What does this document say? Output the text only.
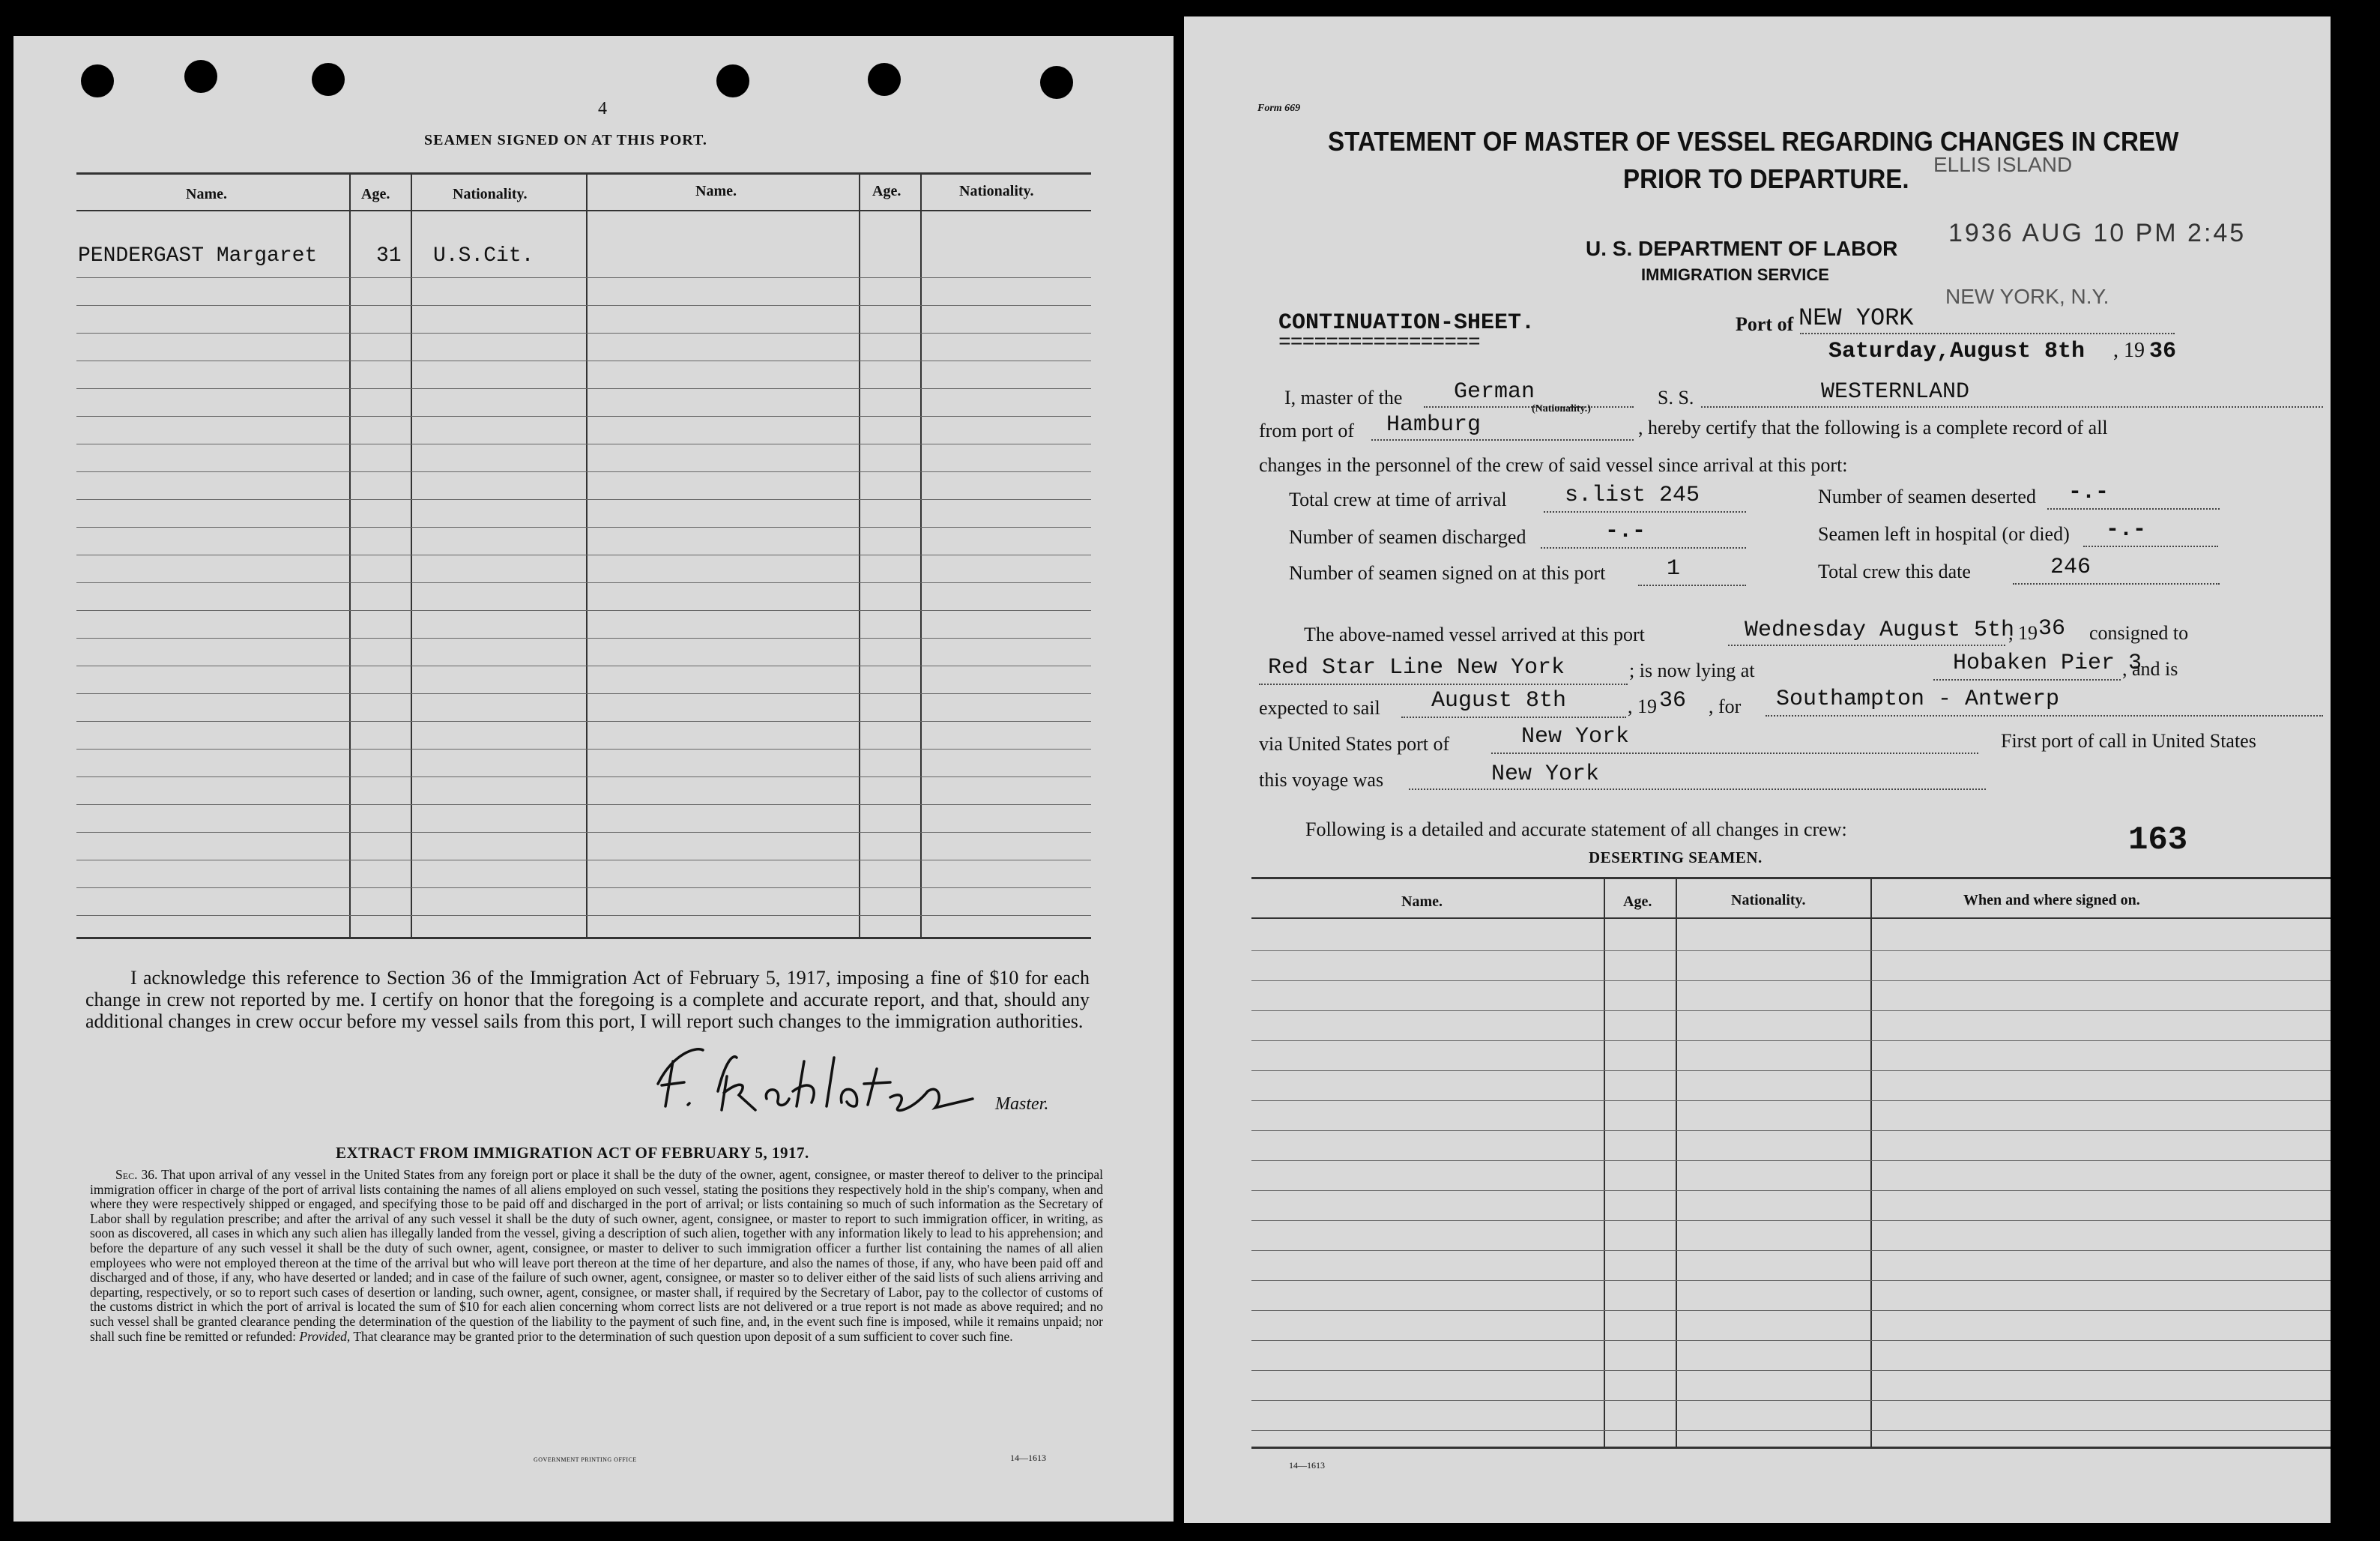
4
SEAMEN SIGNED ON AT THIS PORT.
Name.	Age.	Nationality.	Name.	Age.	Nationality.
PENDERGAST Margaret	31 U.S.Cit.
I acknowledge this reference to Section 36 of the Immigration Act of February 5, 1917, imposing a fine of $10 for each change in crew not reported by me. I certify on honor that the foregoing is a complete and accurate report, and that, should any additional changes in crew occur before my vessel sails from this port, I will report such changes to the immigration authorities.
Master.
EXTRACT FROM IMMIGRATION ACT OF FEBRUARY 5, 1917.
Sec. 36. That upon arrival of any vessel in the United States from any foreign port or place it shall be the duty of the owner, agent, consignee, or master thereof to deliver to the principal immigration officer in charge of the port of arrival lists containing the names of all aliens employed on such vessel, stating the positions they respectively hold in the ship's company, when and where they were respectively shipped or engaged, and specifying those to be paid off and discharged in the port of arrival; or lists containing so much of such information as the Secretary of Labor shall by regulation prescribe; and after the arrival of any such vessel it shall be the duty of such owner, agent, consignee, or master to report to such immigration officer, in writing, as soon as discovered, all cases in which any such alien has illegally landed from the vessel, giving a description of such alien, together with any information likely to lead to his apprehension; and before the departure of any such vessel it shall be the duty of such owner, agent, consignee, or master to deliver to such immigration officer a further list containing the names of all alien employees who were not employed thereon at the time of the arrival but who will leave port thereon at the time of her departure, and also the names of those, if any, who have been paid off and discharged and of those, if any, who have deserted or landed; and in case of the failure of such owner, agent, consignee, or master so to deliver either of the said lists of such aliens arriving and departing, respectively, or so to report such cases of desertion or landing, such owner, agent, consignee, or master shall, if required by the Secretary of Labor, pay to the collector of customs of the customs district in which the port of arrival is located the sum of $10 for each alien concerning whom correct lists are not delivered or a true report is not made as above required; and no such vessel shall be granted clearance pending the determination of the question of the liability to the payment of such fine, and, in the event such fine is imposed, while it remains unpaid; nor shall such fine be remitted or refunded: Provided, That clearance may be granted prior to the determination of such question upon deposit of a sum sufficient to cover such fine.
GOVERNMENT PRINTING OFFICE	14—1613
Form 669
STATEMENT OF MASTER OF VESSEL REGARDING CHANGES IN CREW
PRIOR TO DEPARTURE. ELLIS ISLAND
1936 AUG 10 PM 2:45
NEW YORK, N.Y.
U. S. DEPARTMENT OF LABOR
IMMIGRATION SERVICE
CONTINUATION-SHEET.
=================
Port of NEW YORK
Saturday,August 8th , 19 36
I, master of the German
(Nationality.)
S. S.	WESTERNLAND
from port of Hamburg	, hereby certify that the following is a complete record of all
changes in the personnel of the crew of said vessel since arrival at this port:
Total crew at time of arrival	s.list 245	Number of seamen deserted -.-
Number of seamen discharged	-.-	Seamen left in hospital (or died) -.-
Number of seamen signed on at this port	1	Total crew this date	246
The above-named vessel arrived at this port	Wednesday August 5th
, 19 36 consigned to
Red Star Line New York	; is now lying at	Hobaken Pier 3
, and is
expected to sail August 8th	, 19 36 , for Southampton - Antwerp
via United States port of	New York	First port of call in United States
this voyage was	New York
Following is a detailed and accurate statement of all changes in crew:	163
DESERTING SEAMEN.
Name.	Age.	Nationality.	When and where signed on.
14—1613
